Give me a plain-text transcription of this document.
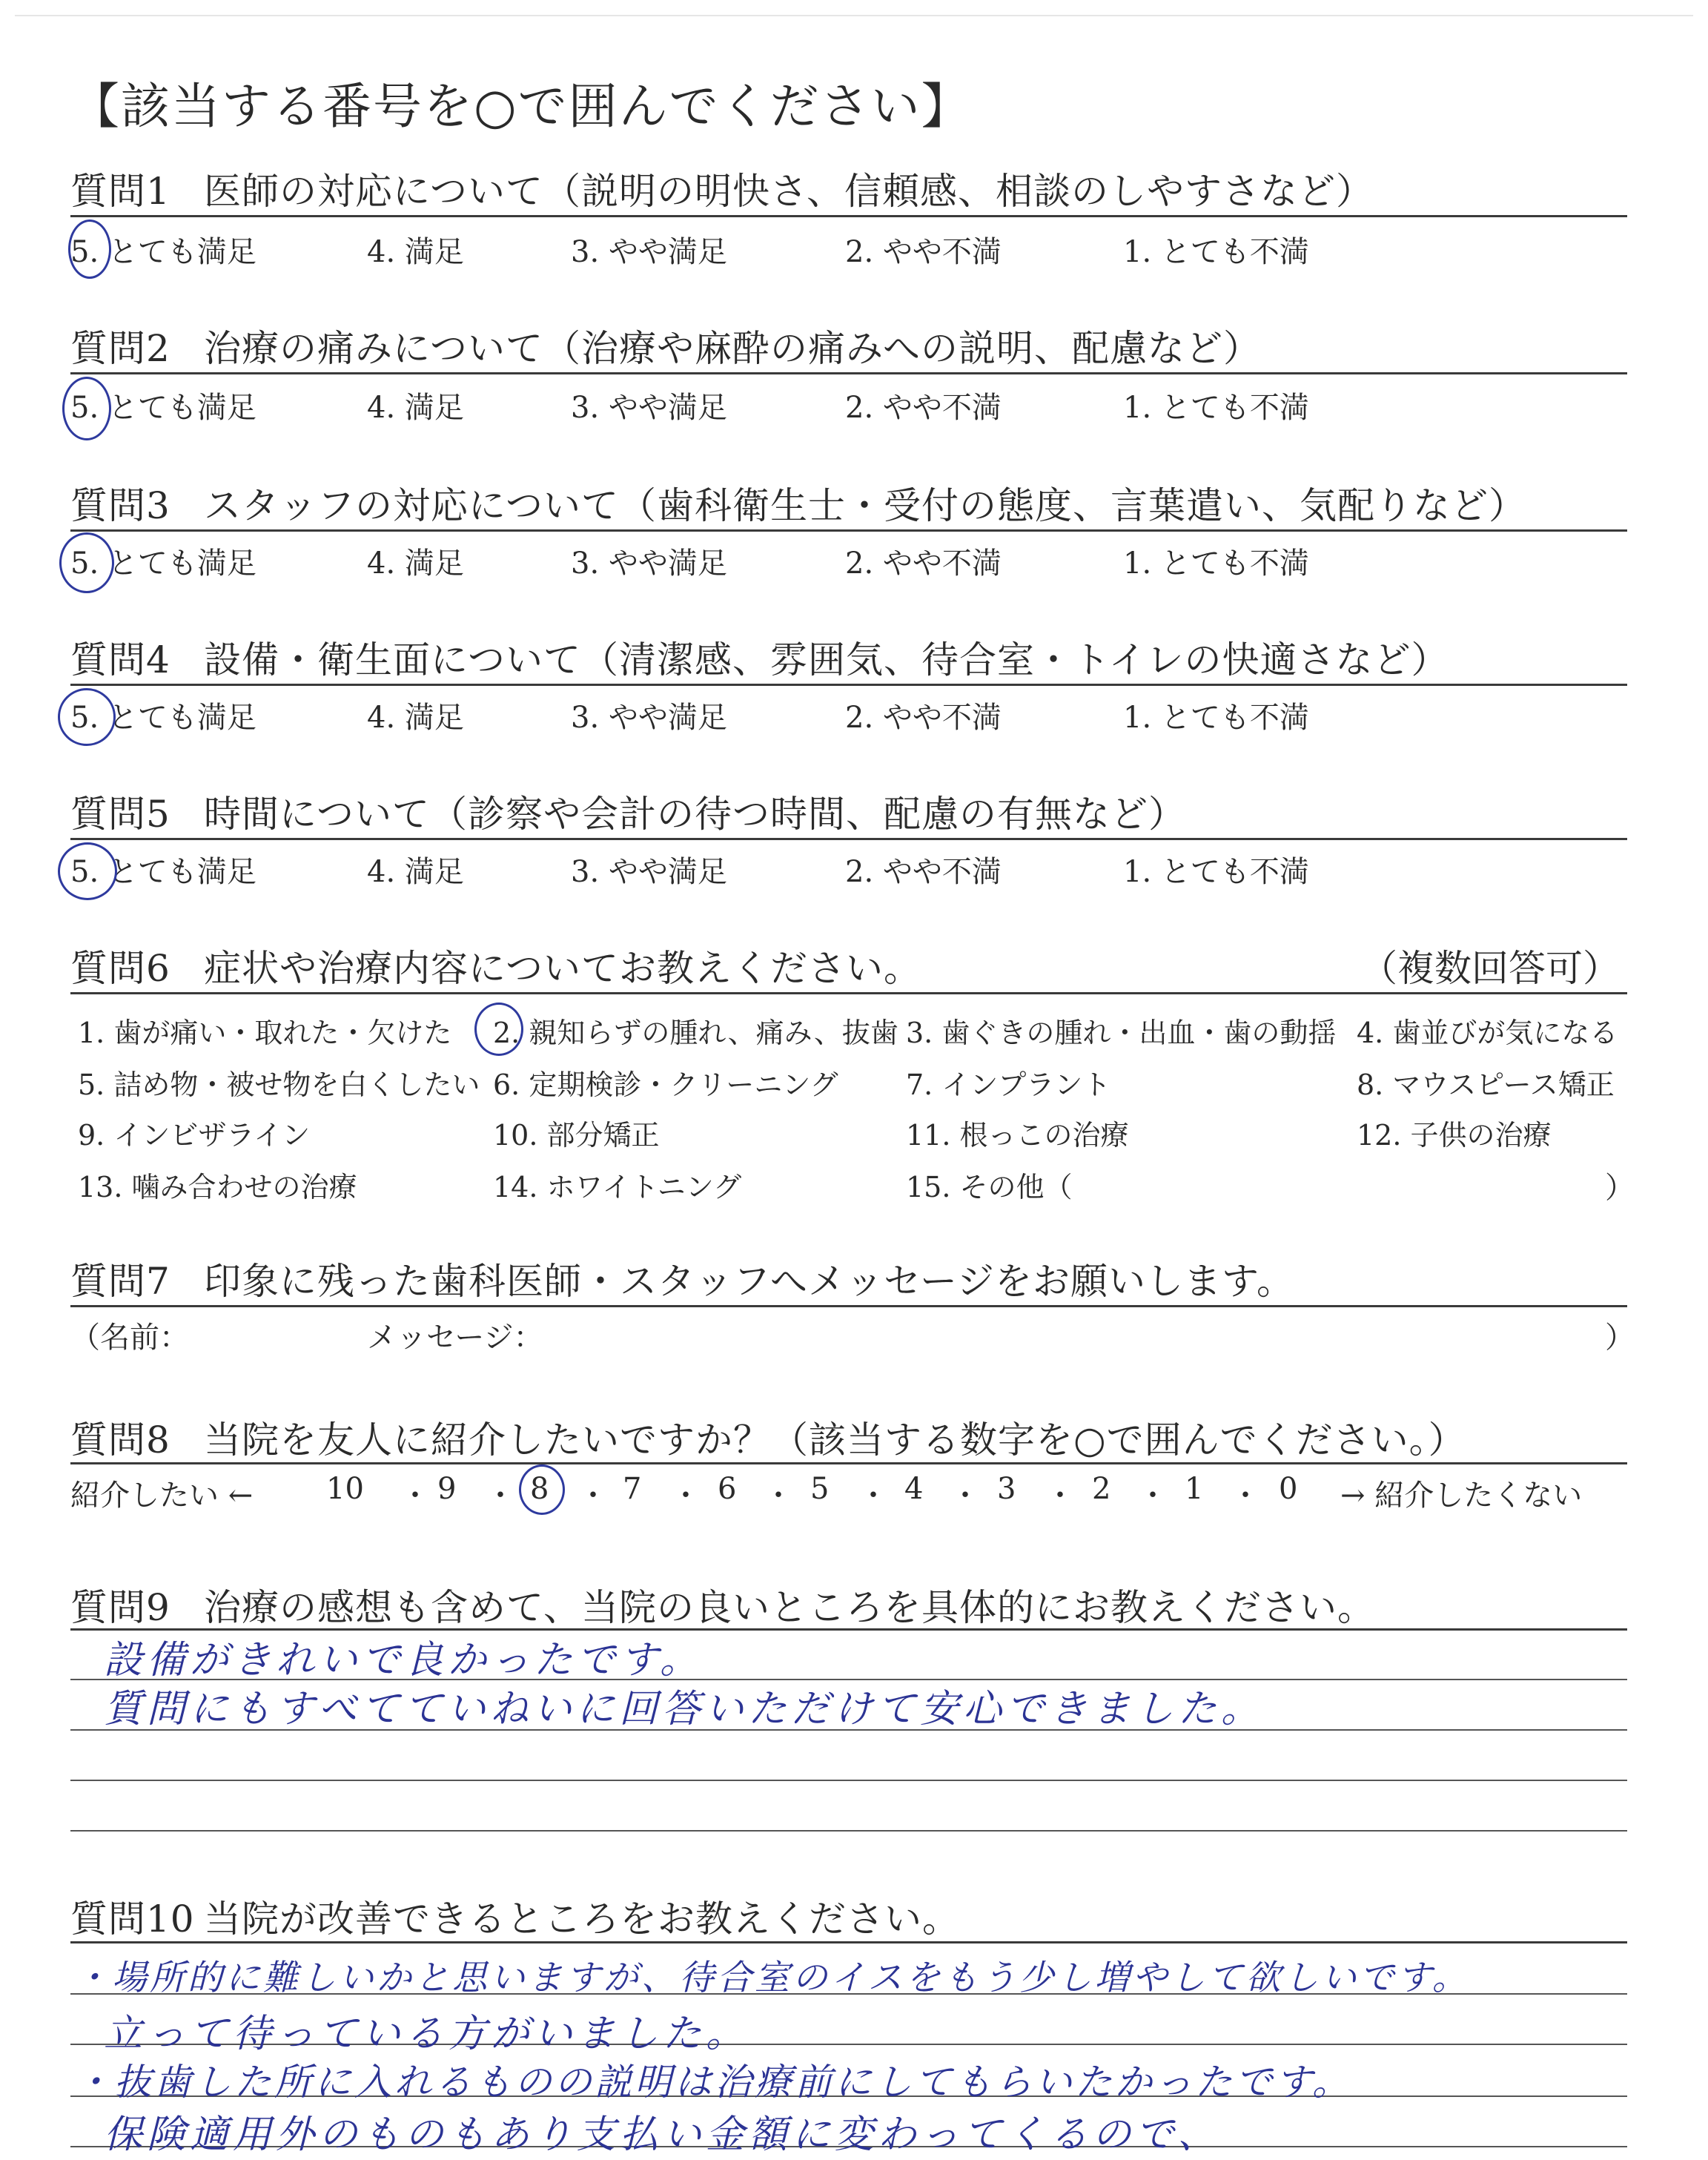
【該当する番号を○で囲んでください】
質問1 医師の対応について（説明の明快さ、信頼感、相談のしやすさなど）
5. とても満足	4. 満足	3. やや満足	2. やや不満	1. とても不満
質問2 治療の痛みについて（治療や麻酔の痛みへの説明、配慮など）
5. とても満足	4. 満足	3. やや満足	2. やや不満	1. とても不満
質問3 スタッフの対応について（歯科衛生士・受付の態度、言葉遣い、気配りなど）
5. とても満足	4. 満足	3. やや満足	2. やや不満	1. とても不満
質問4 設備・衛生面について（清潔感、雰囲気、待合室・トイレの快適さなど）
5. とても満足	4. 満足	3. やや満足	2. やや不満	1. とても不満
質問5 時間について（診察や会計の待つ時間、配慮の有無など）
5. とても満足	4. 満足	3. やや満足	2. やや不満	1. とても不満
質問6 症状や治療内容についてお教えください。	（複数回答可）
1. 歯が痛い・取れた・欠けた 2. 親知らずの腫れ、痛み、抜歯 3. 歯ぐきの腫れ・出血・歯の動揺 4. 歯並びが気になる
5. 詰め物・被せ物を白くしたい 6. 定期検診・クリーニング 7. インプラント	8. マウスピース矯正
9. インビザライン	10. 部分矯正	11. 根っこの治療	12. 子供の治療
13. 噛み合わせの治療	14. ホワイトニング	15. その他（	）
質問7 印象に残った歯科医師・スタッフへメッセージをお願いします。
（名前：	メッセージ：	）
質問8 当院を友人に紹介したいですか？（該当する数字を○で囲んでください。）
紹介したい ← 10 ・ 9 ・ 8 ・ 7 ・ 6 ・ 5 ・ 4 ・ 3 ・ 2 ・ 1 ・ 0 → 紹介したくない
質問9 治療の感想も含めて、当院の良いところを具体的にお教えください。
設備がきれいで良かったです。
質問にもすべてていねいに回答いただけて安心できました。
質問10 当院が改善できるところをお教えください。
・場所的に難しいかと思いますが、待合室のイスをもう少し増やして欲しいです。
立って待っている方がいました。
・抜歯した所に入れるものの説明は治療前にしてもらいたかったです。
保険適用外のものもあり支払い金額に変わってくるので、
